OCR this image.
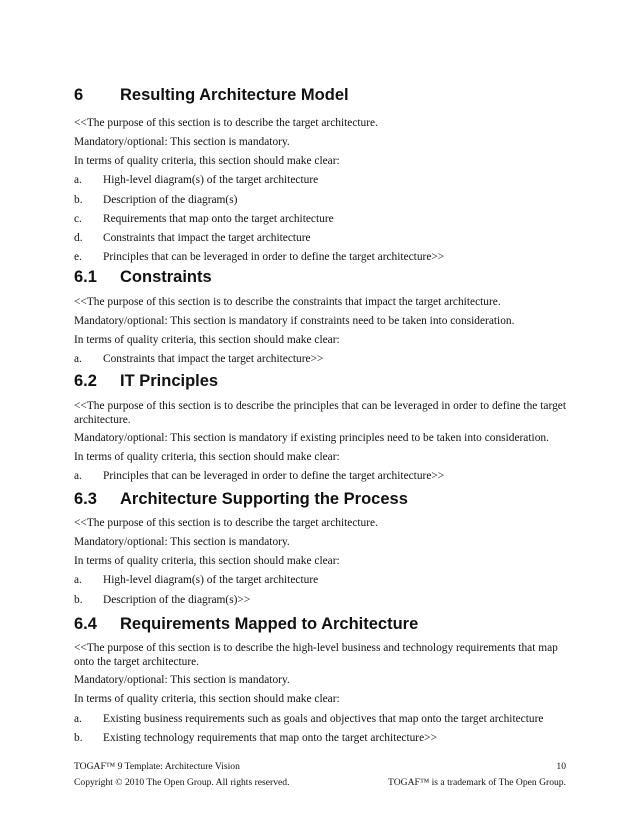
6 Resulting Architecture Model
<<The purpose of this section is to describe the target architecture.
Mandatory/optional: This section is mandatory.
In terms of quality criteria, this section should make clear:
a. High-level diagram(s) of the target architecture
b. Description of the diagram(s)
c. Requirements that map onto the target architecture
d. Constraints that impact the target architecture
e. Principles that can be leveraged in order to define the target architecture>>
6.1 Constraints
<<The purpose of this section is to describe the constraints that impact the target architecture.
Mandatory/optional: This section is mandatory if constraints need to be taken into consideration.
In terms of quality criteria, this section should make clear:
a. Constraints that impact the target architecture>>
6.2 IT Principles
<<The purpose of this section is to describe the principles that can be leveraged in order to define the target architecture.
Mandatory/optional: This section is mandatory if existing principles need to be taken into consideration.
In terms of quality criteria, this section should make clear:
a. Principles that can be leveraged in order to define the target architecture>>
6.3 Architecture Supporting the Process
<<The purpose of this section is to describe the target architecture.
Mandatory/optional: This section is mandatory.
In terms of quality criteria, this section should make clear:
a. High-level diagram(s) of the target architecture
b. Description of the diagram(s)>>
6.4 Requirements Mapped to Architecture
<<The purpose of this section is to describe the high-level business and technology requirements that map onto the target architecture.
Mandatory/optional: This section is mandatory.
In terms of quality criteria, this section should make clear:
a. Existing business requirements such as goals and objectives that map onto the target architecture
b. Existing technology requirements that map onto the target architecture>>
TOGAF™ 9 Template: Architecture Vision	10
Copyright © 2010 The Open Group. All rights reserved.	TOGAF™ is a trademark of The Open Group.
